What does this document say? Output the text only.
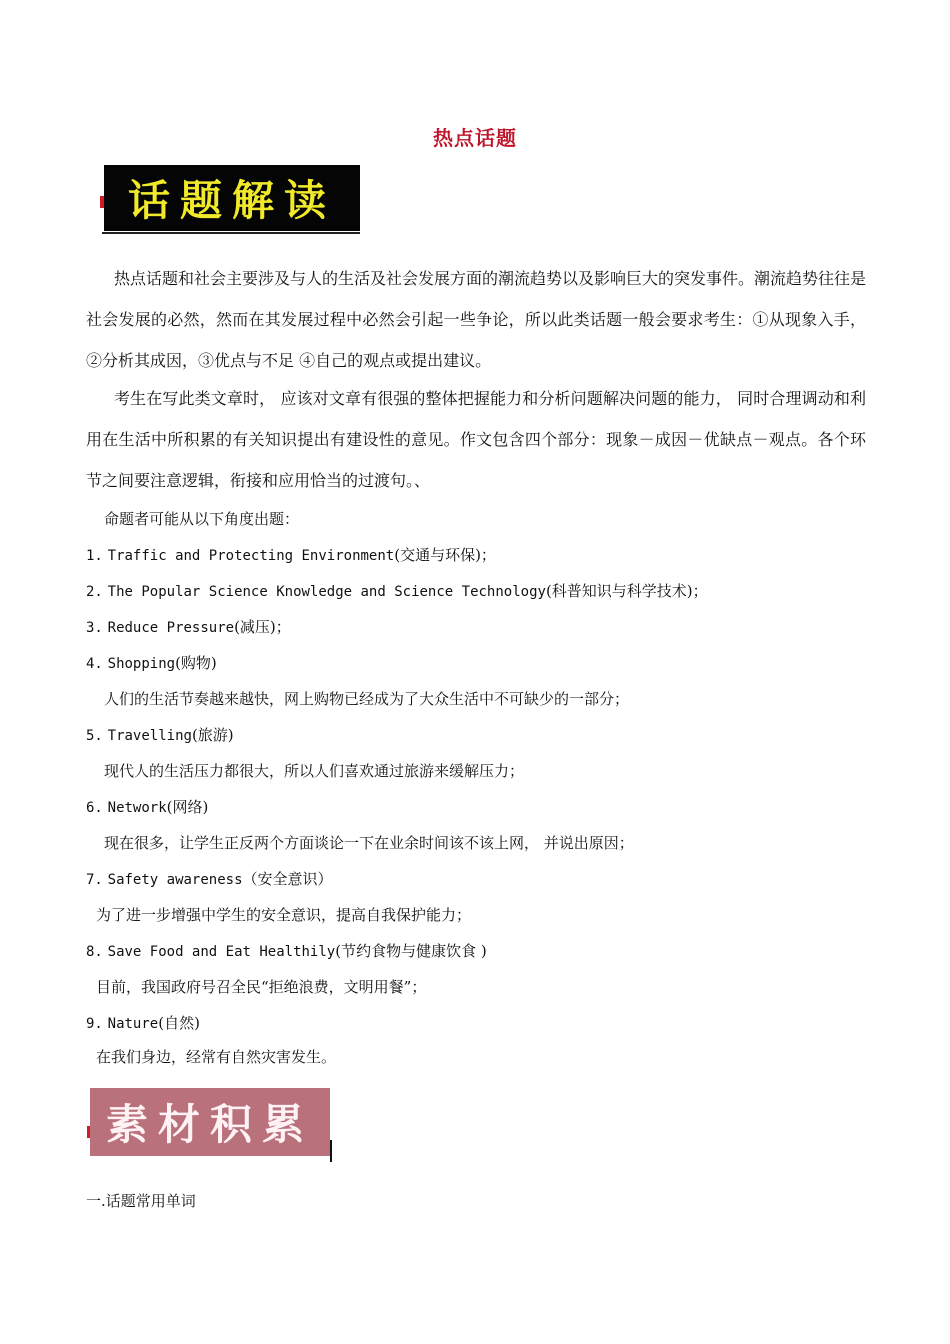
热点话题
话题解读
热点话题和社会主要涉及与人的生活及社会发展方面的潮流趋势以及影响巨大的突发事件。潮流趋势往往是社会发展的必然，然而在其发展过程中必然会引起一些争论，所以此类话题一般会要求考生：①从现象入手，②分析其成因，③优点与不足 ④自己的观点或提出建议。
考生在写此类文章时， 应该对文章有很强的整体把握能力和分析问题解决问题的能力， 同时合理调动和利用在生活中所积累的有关知识提出有建设性的意见。作文包含四个部分：现象－成因－优缺点－观点。各个环节之间要注意逻辑，衔接和应用恰当的过渡句。、
命题者可能从以下角度出题：
1. Traffic and Protecting Environment(交通与环保)；
2. The Popular Science Knowledge and Science Technology(科普知识与科学技术)；
3. Reduce Pressure(减压)；
4. Shopping(购物)
人们的生活节奏越来越快，网上购物已经成为了大众生活中不可缺少的一部分；
5. Travelling(旅游)
现代人的生活压力都很大，所以人们喜欢通过旅游来缓解压力；
6. Network(网络)
现在很多，让学生正反两个方面谈论一下在业余时间该不该上网， 并说出原因；
7. Safety awareness（安全意识）
为了进一步增强中学生的安全意识，提高自我保护能力；
8. Save Food and Eat Healthily(节约食物与健康饮食 )
目前，我国政府号召全民“拒绝浪费，文明用餐”；
9. Nature(自然)
在我们身边，经常有自然灾害发生。
素材积累
一.话题常用单词
